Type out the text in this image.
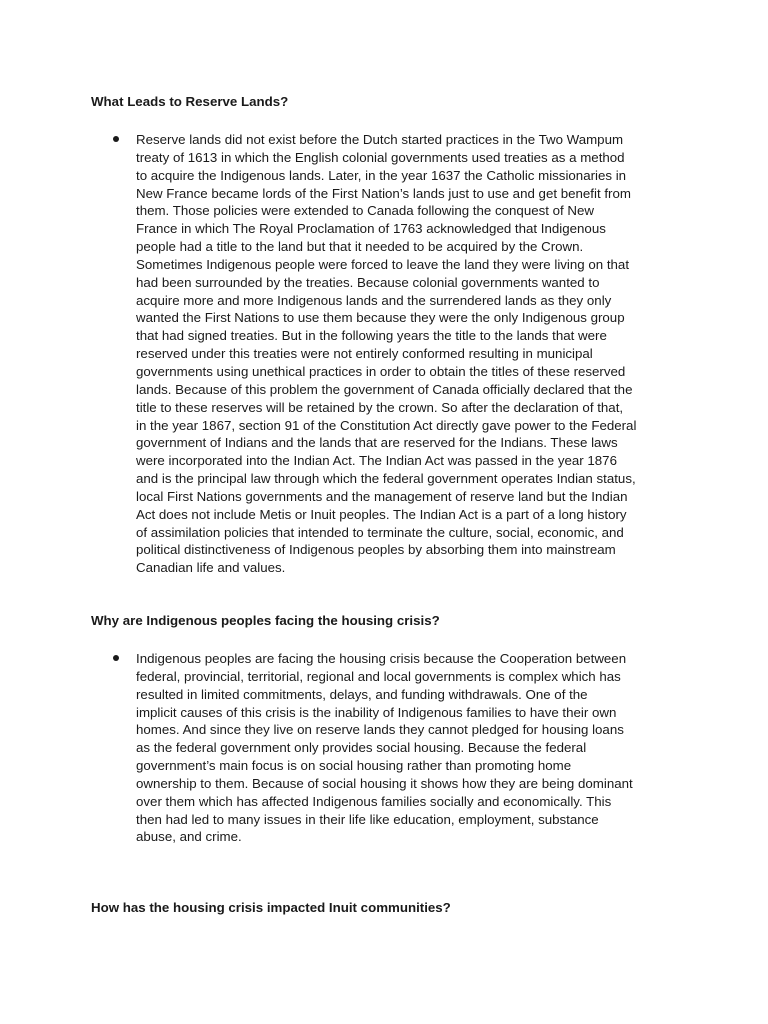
What Leads to Reserve Lands?

Reserve lands did not exist before the Dutch started practices in the Two Wampum
treaty of 1613 in which the English colonial governments used treaties as a method
to acquire the Indigenous lands. Later, in the year 1637 the Catholic missionaries in
New France became lords of the First Nation’s lands just to use and get benefit from
them. Those policies were extended to Canada following the conquest of New
France in which The Royal Proclamation of 1763 acknowledged that Indigenous
people had a title to the land but that it needed to be acquired by the Crown.
Sometimes Indigenous people were forced to leave the land they were living on that
had been surrounded by the treaties. Because colonial governments wanted to
acquire more and more Indigenous lands and the surrendered lands as they only
wanted the First Nations to use them because they were the only Indigenous group
that had signed treaties. But in the following years the title to the lands that were
reserved under this treaties were not entirely conformed resulting in municipal
governments using unethical practices in order to obtain the titles of these reserved
lands. Because of this problem the government of Canada officially declared that the
title to these reserves will be retained by the crown. So after the declaration of that,
in the year 1867, section 91 of the Constitution Act directly gave power to the Federal
government of Indians and the lands that are reserved for the Indians. These laws
were incorporated into the Indian Act. The Indian Act was passed in the year 1876
and is the principal law through which the federal government operates Indian status,
local First Nations governments and the management of reserve land but the Indian
Act does not include Metis or Inuit peoples. The Indian Act is a part of a long history
of assimilation policies that intended to terminate the culture, social, economic, and
political distinctiveness of Indigenous peoples by absorbing them into mainstream
Canadian life and values.

Why are Indigenous peoples facing the housing crisis?

Indigenous peoples are facing the housing crisis because the Cooperation between
federal, provincial, territorial, regional and local governments is complex which has
resulted in limited commitments, delays, and funding withdrawals. One of the
implicit causes of this crisis is the inability of Indigenous families to have their own
homes. And since they live on reserve lands they cannot pledged for housing loans
as the federal government only provides social housing. Because the federal
government’s main focus is on social housing rather than promoting home
ownership to them. Because of social housing it shows how they are being dominant
over them which has affected Indigenous families socially and economically. This
then had led to many issues in their life like education, employment, substance
abuse, and crime.

How has the housing crisis impacted Inuit communities?
